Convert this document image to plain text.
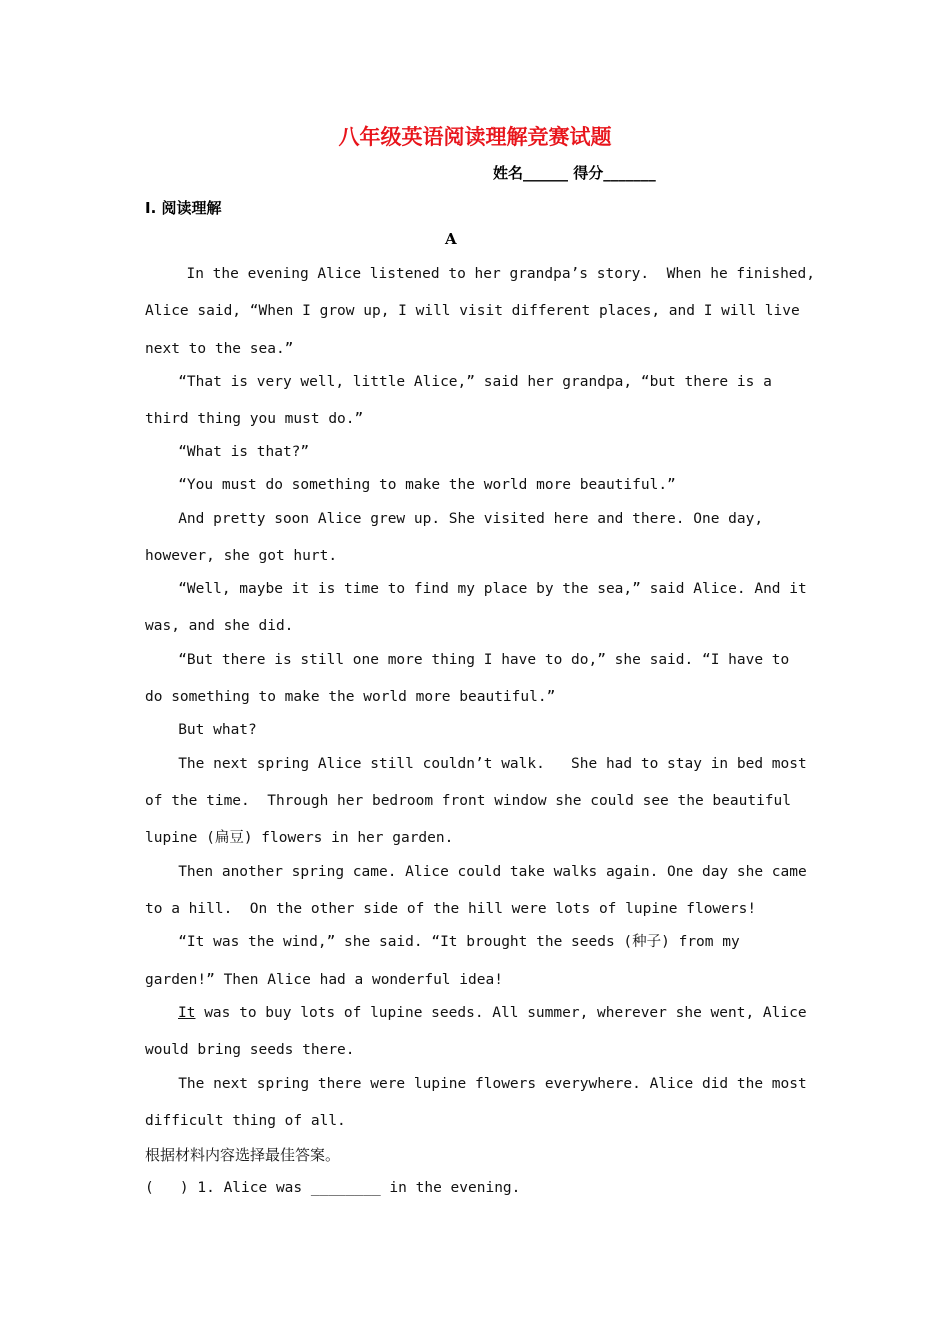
八年级英语阅读理解竞赛试题
姓名______ 得分_______
I. 阅读理解
A
In the evening Alice listened to her grandpa’s story.  When he finished,
Alice said, “When I grow up, I will visit different places, and I will live
next to the sea.”
“That is very well, little Alice,” said her grandpa, “but there is a
third thing you must do.”
“What is that?”
“You must do something to make the world more beautiful.”
And pretty soon Alice grew up. She visited here and there. One day,
however, she got hurt.
“Well, maybe it is time to find my place by the sea,” said Alice. And it
was, and she did.
“But there is still one more thing I have to do,” she said. “I have to
do something to make the world more beautiful.”
But what?
The next spring Alice still couldn’t walk.   She had to stay in bed most
of the time.  Through her bedroom front window she could see the beautiful
lupine (扁豆) flowers in her garden.
Then another spring came. Alice could take walks again. One day she came
to a hill.  On the other side of the hill were lots of lupine flowers!
“It was the wind,” she said. “It brought the seeds (种子) from my
garden!” Then Alice had a wonderful idea!
It was to buy lots of lupine seeds. All summer, wherever she went, Alice
would bring seeds there.
The next spring there were lupine flowers everywhere. Alice did the most
difficult thing of all.
根据材料内容选择最佳答案。
(   ) 1. Alice was ________ in the evening.
